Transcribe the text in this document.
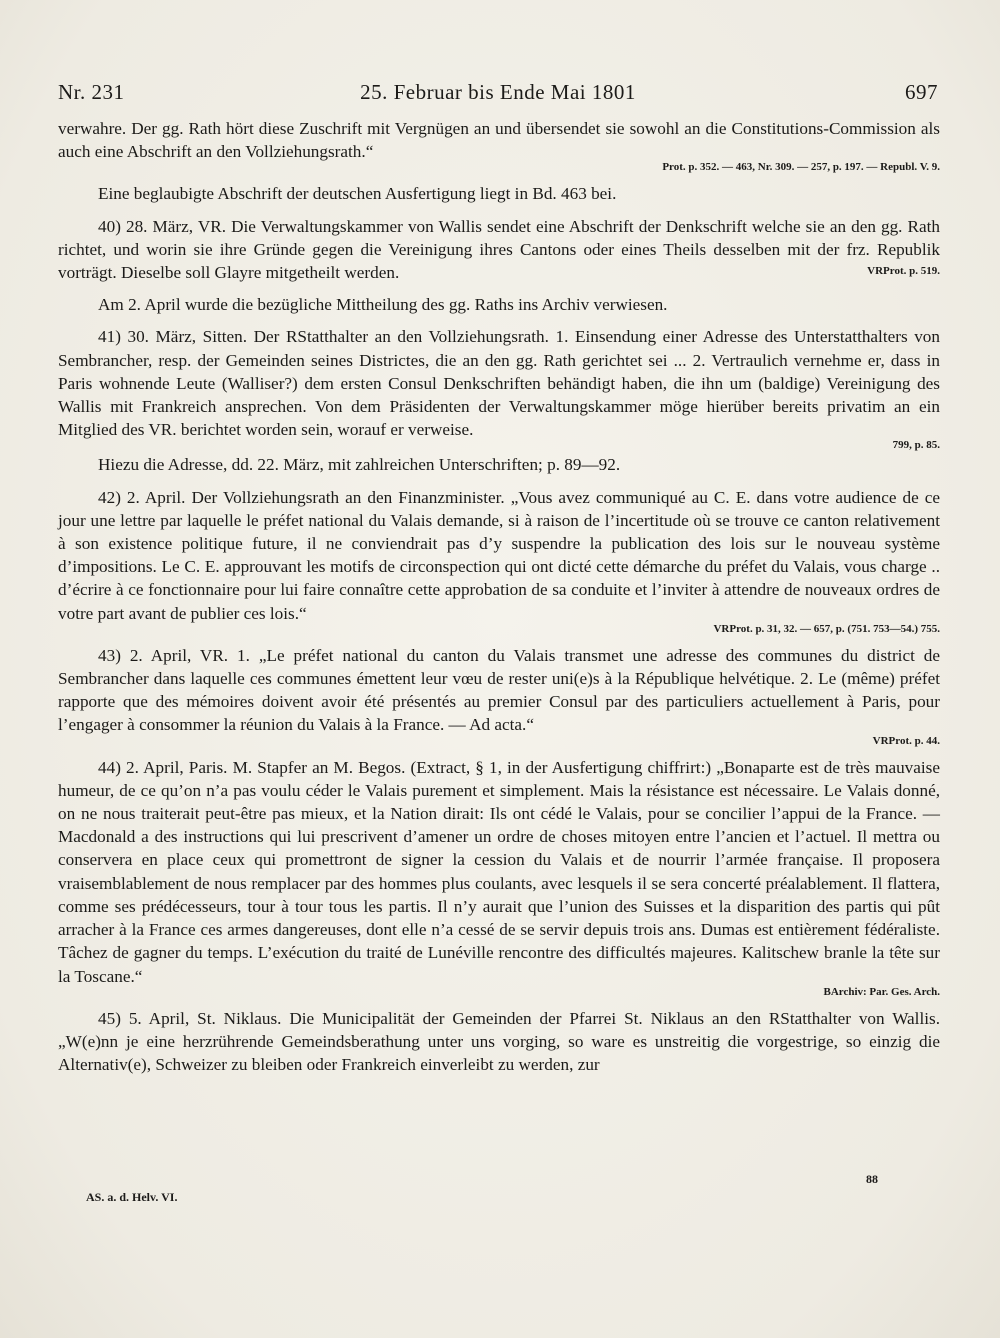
Nr. 231	25. Februar bis Ende Mai 1801	697

verwahre. Der gg. Rath hört diese Zuschrift mit Vergnügen an und übersendet sie sowohl an die Constitutions-Commission als auch eine Abschrift an den Vollziehungsrath.“

Prot. p. 352. — 463, Nr. 309. — 257, p. 197. — Republ. V. 9.

Eine beglaubigte Abschrift der deutschen Ausfertigung liegt in Bd. 463 bei.

40) 28. März, VR. Die Verwaltungskammer von Wallis sendet eine Abschrift der Denkschrift welche sie an den gg. Rath richtet, und worin sie ihre Gründe gegen die Vereinigung ihres Cantons oder eines Theils desselben mit der frz. Republik vorträgt. Dieselbe soll Glayre mitgetheilt werden.	VRProt. p. 519.

Am 2. April wurde die bezügliche Mittheilung des gg. Raths ins Archiv verwiesen.

41) 30. März, Sitten. Der RStatthalter an den Vollziehungsrath. 1. Einsendung einer Adresse des Unterstatthalters von Sembrancher, resp. der Gemeinden seines Districtes, die an den gg. Rath gerichtet sei ... 2. Vertraulich vernehme er, dass in Paris wohnende Leute (Walliser?) dem ersten Consul Denkschriften behändigt haben, die ihn um (baldige) Vereinigung des Wallis mit Frankreich ansprechen. Von dem Präsidenten der Verwaltungskammer möge hierüber bereits privatim an ein Mitglied des VR. berichtet worden sein, worauf er verweise.

799, p. 85.

Hiezu die Adresse, dd. 22. März, mit zahlreichen Unterschriften; p. 89—92.

42) 2. April. Der Vollziehungsrath an den Finanzminister. „Vous avez communiqué au C. E. dans votre audience de ce jour une lettre par laquelle le préfet national du Valais demande, si à raison de l’incertitude où se trouve ce canton relativement à son existence politique future, il ne conviendrait pas d’y suspendre la publication des lois sur le nouveau système d’impositions. Le C. E. approuvant les motifs de circonspection qui ont dicté cette démarche du préfet du Valais, vous charge .. d’écrire à ce fonctionnaire pour lui faire connaître cette approbation de sa conduite et l’inviter à attendre de nouveaux ordres de votre part avant de publier ces lois.“

VRProt. p. 31, 32. — 657, p. (751. 753—54.) 755.

43) 2. April, VR. 1. „Le préfet national du canton du Valais transmet une adresse des communes du district de Sembrancher dans laquelle ces communes émettent leur vœu de rester uni(e)s à la République helvétique. 2. Le (même) préfet rapporte que des mémoires doivent avoir été présentés au premier Consul par des particuliers actuellement à Paris, pour l’engager à consommer la réunion du Valais à la France. — Ad acta.“

VRProt. p. 44.

44) 2. April, Paris. M. Stapfer an M. Begos. (Extract, § 1, in der Ausfertigung chiffrirt:) „Bonaparte est de très mauvaise humeur, de ce qu’on n’a pas voulu céder le Valais purement et simplement. Mais la résistance est nécessaire. Le Valais donné, on ne nous traiterait peut-être pas mieux, et la Nation dirait: Ils ont cédé le Valais, pour se concilier l’appui de la France. — Macdonald a des instructions qui lui prescrivent d’amener un ordre de choses mitoyen entre l’ancien et l’actuel. Il mettra ou conservera en place ceux qui promettront de signer la cession du Valais et de nourrir l’armée française. Il proposera vraisemblablement de nous remplacer par des hommes plus coulants, avec lesquels il se sera concerté préalablement. Il flattera, comme ses prédécesseurs, tour à tour tous les partis. Il n’y aurait que l’union des Suisses et la disparition des partis qui pût arracher à la France ces armes dangereuses, dont elle n’a cessé de se servir depuis trois ans. Dumas est entièrement fédéraliste. Tâchez de gagner du temps. L’exécution du traité de Lunéville rencontre des difficultés majeures. Kalitschew branle la tête sur la Toscane.“

BArchiv: Par. Ges. Arch.

45) 5. April, St. Niklaus. Die Municipalität der Gemeinden der Pfarrei St. Niklaus an den RStatthalter von Wallis. „W(e)nn je eine herzrührende Gemeindsberathung unter uns vorging, so ware es unstreitig die vorgestrige, so einzig die Alternativ(e), Schweizer zu bleiben oder Frankreich einverleibt zu werden, zur

AS. a. d. Helv. VI.
88
